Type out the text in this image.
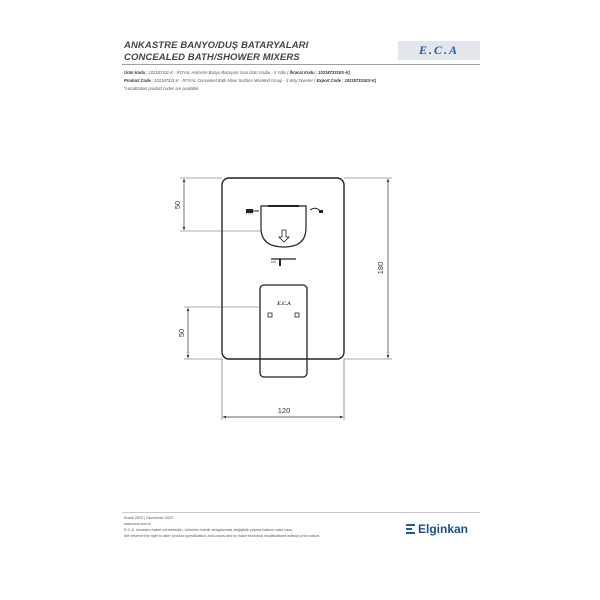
ANKASTRE BANYO/DUŞ BATARYALARI
CONCEALED BATH/SHOWER MIXERS
E.C.A
Ürün Kodu : 102187331-K - ROYAL Ankastre Banyo Bataryası Sıva Üstü Grubu - 3 Yollu ( İhracat Kodu : 102187331EX-K)
Product Code : 102187331-K - ROYAL Concealed Bath Mixer Surface Mounted Group - 3 Way Diverter ( Export Code : 102187331EX-K)
*Localization product codes are available.
E.C.A
50
50
180
120
Aralık 2022 | December 2022
www.eca.com.tr
E.C.A. önceden haber vermeksizin, ürünlerin teknik detaylarında değişiklik yapma hakkını saklı tutar.
We reserve the right to alter product specification and colors and to make technical modifications without prior notice.	Elginkan
